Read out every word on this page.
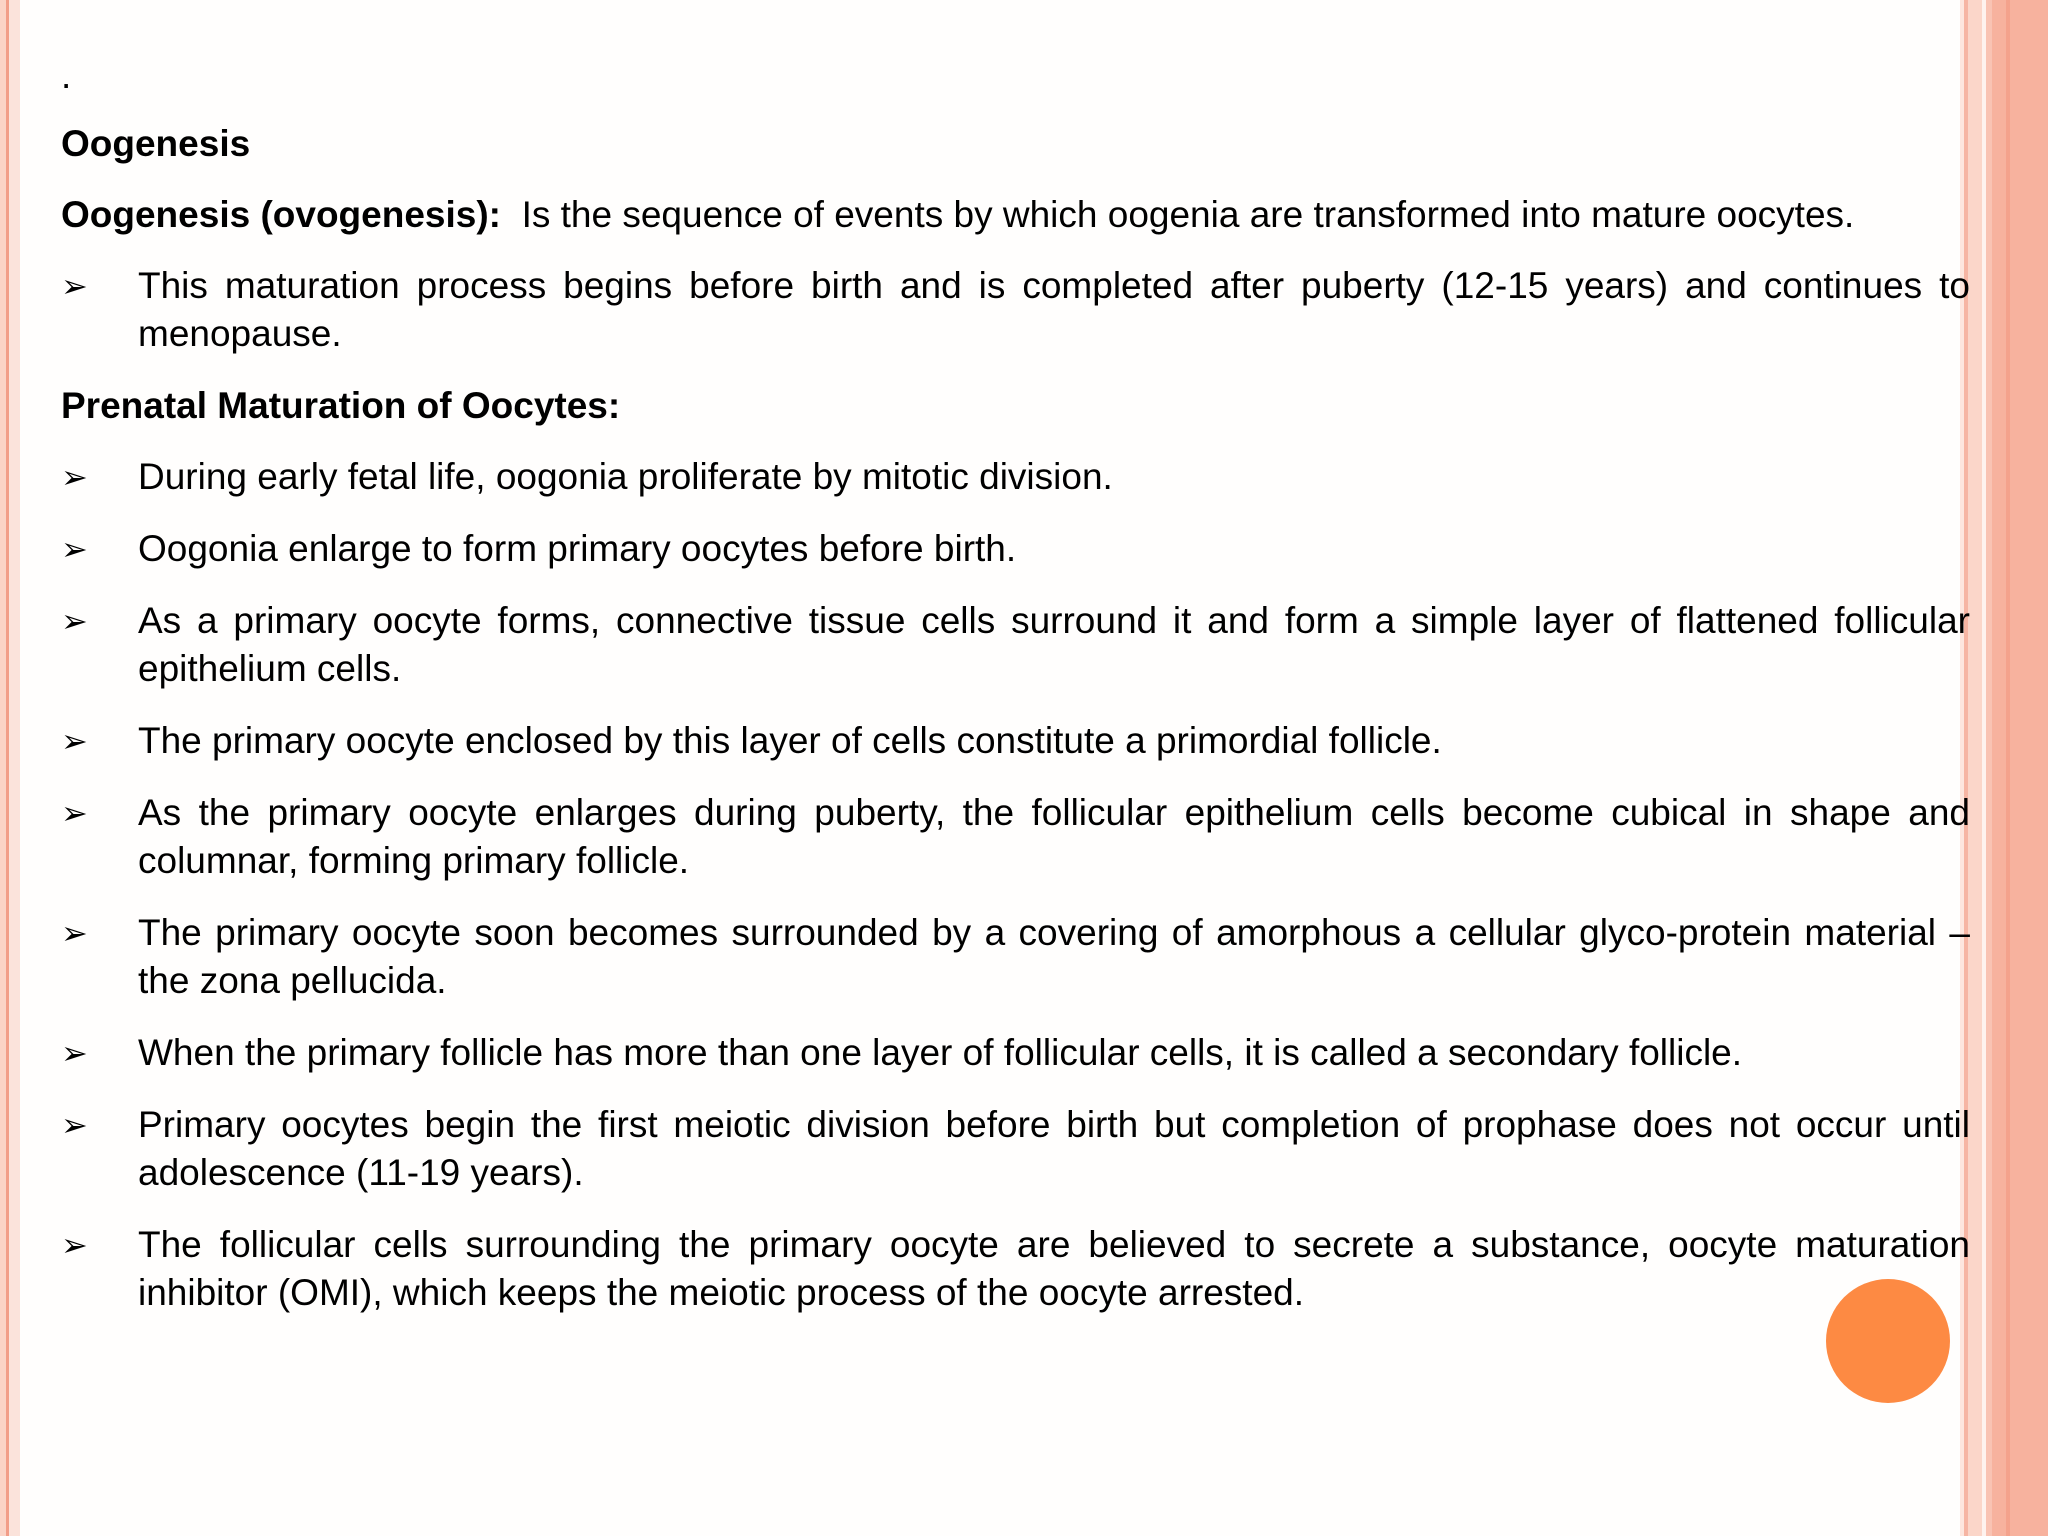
.
Oogenesis
Oogenesis (ovogenesis): Is the sequence of events by which oogenia are transformed into mature oocytes.
➢	This maturation process begins before birth and is completed after puberty (12-15 years) and continues to menopause.
Prenatal Maturation of Oocytes:
➢	During early fetal life, oogonia proliferate by mitotic division.
➢	Oogonia enlarge to form primary oocytes before birth.
➢	As a primary oocyte forms, connective tissue cells surround it and form a simple layer of flattened follicular epithelium cells.
➢	The primary oocyte enclosed by this layer of cells constitute a primordial follicle.
➢	As the primary oocyte enlarges during puberty, the follicular epithelium cells become cubical in shape and columnar, forming primary follicle.
➢	The primary oocyte soon becomes surrounded by a covering of amorphous a cellular glyco-protein material – the zona pellucida.
➢	When the primary follicle has more than one layer of follicular cells, it is called a secondary follicle.
➢	Primary oocytes begin the first meiotic division before birth but completion of prophase does not occur until adolescence (11-19 years).
➢	The follicular cells surrounding the primary oocyte are believed to secrete a substance, oocyte maturation inhibitor (OMI), which keeps the meiotic process of the oocyte arrested.
